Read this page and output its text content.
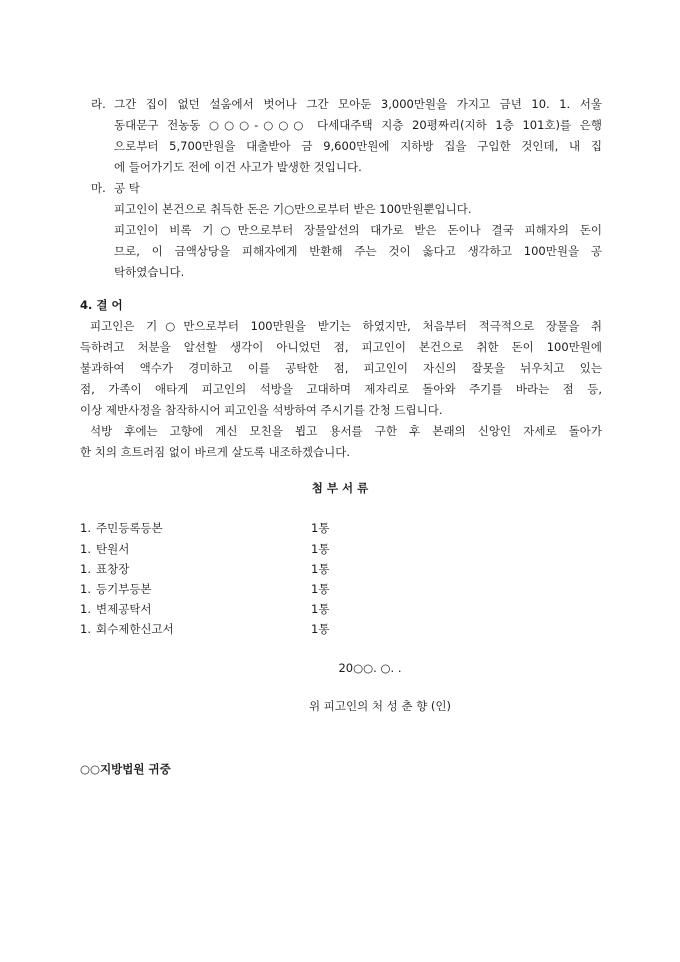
라. 그간 집이 없던 설움에서 벗어나 그간 모아둔 3,000만원을 가지고 금년 10. 1. 서울
동대문구 전농동 ○○○-○○○ 다세대주택 지층 20평짜리(지하 1층 101호)를 은행
으로부터 5,700만원을 대출받아 금 9,600만원에 지하방 집을 구입한 것인데, 내 집
에 들어가기도 전에 이건 사고가 발생한 것입니다.
마. 공 탁
피고인이 본건으로 취득한 돈은 기○만으로부터 받은 100만원뿐입니다.
피고인이 비록 기○만으로부터 장물알선의 대가로 받은 돈이나 결국 피해자의 돈이
므로, 이 금액상당을 피해자에게 반환해 주는 것이 옳다고 생각하고 100만원을 공
탁하였습니다.
4. 결 어
피고인은 기○만으로부터 100만원을 받기는 하였지만, 처음부터 적극적으로 장물을 취
득하려고 처분을 알선할 생각이 아니었던 점, 피고인이 본건으로 취한 돈이 100만원에
불과하여 액수가 경미하고 이를 공탁한 점, 피고인이 자신의 잘못을 뉘우치고 있는
점, 가족이 애타게 피고인의 석방을 고대하며 제자리로 돌아와 주기를 바라는 점 등,
이상 제반사정을 참작하시어 피고인을 석방하여 주시기를 간청 드립니다.
석방 후에는 고향에 계신 모친을 뵙고 용서를 구한 후 본래의 신앙인 자세로 돌아가
한 치의 흐트러짐 없이 바르게 살도록 내조하겠습니다.
첨 부 서 류
1. 주민등록등본	1통
1. 탄원서	1통
1. 표창장	1통
1. 등기부등본	1통
1. 변제공탁서	1통
1. 회수제한신고서	1통
20○○. ○. .
위 피고인의 처 성 춘 향 (인)
○○지방법원 귀중
